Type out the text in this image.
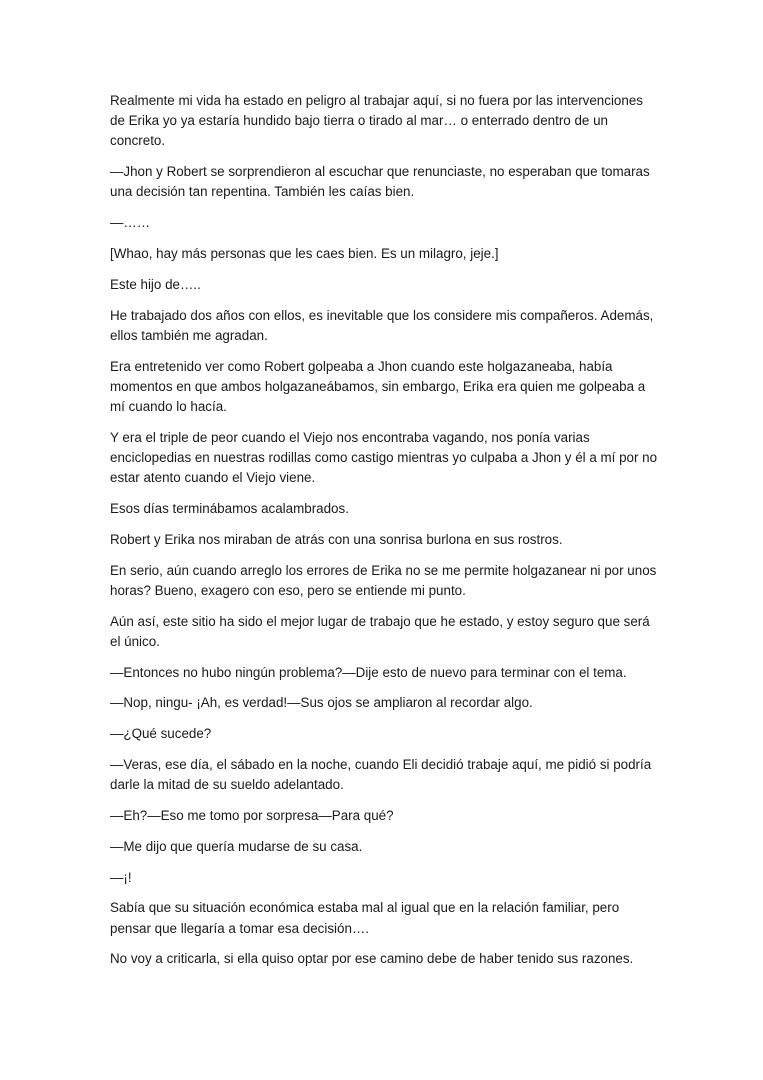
Realmente mi vida ha estado en peligro al trabajar aquí, si no fuera por las intervenciones de Erika yo ya estaría hundido bajo tierra o tirado al mar… o enterrado dentro de un concreto.

—Jhon y Robert se sorprendieron al escuchar que renunciaste, no esperaban que tomaras una decisión tan repentina. También les caías bien.

—……

[Whao, hay más personas que les caes bien. Es un milagro, jeje.]

Este hijo de…..

He trabajado dos años con ellos, es inevitable que los considere mis compañeros. Además, ellos también me agradan.

Era entretenido ver como Robert golpeaba a Jhon cuando este holgazaneaba, había momentos en que ambos holgazaneábamos, sin embargo, Erika era quien me golpeaba a mí cuando lo hacía.

Y era el triple de peor cuando el Viejo nos encontraba vagando, nos ponía varias enciclopedias en nuestras rodillas como castigo mientras yo culpaba a Jhon y él a mí por no estar atento cuando el Viejo viene.

Esos días terminábamos acalambrados.

Robert y Erika nos miraban de atrás con una sonrisa burlona en sus rostros.

En serio, aún cuando arreglo los errores de Erika no se me permite holgazanear ni por unos horas? Bueno, exagero con eso, pero se entiende mi punto.

Aún así, este sitio ha sido el mejor lugar de trabajo que he estado, y estoy seguro que será el único.

—Entonces no hubo ningún problema?—Dije esto de nuevo para terminar con el tema.

—Nop, ningu- ¡Ah, es verdad!—Sus ojos se ampliaron al recordar algo.

—¿Qué sucede?

—Veras, ese día, el sábado en la noche, cuando Eli decidió trabaje aquí, me pidió si podría darle la mitad de su sueldo adelantado.

—Eh?—Eso me tomo por sorpresa—Para qué?

—Me dijo que quería mudarse de su casa.

—¡!

Sabía que su situación económica estaba mal al igual que en la relación familiar, pero pensar que llegaría a tomar esa decisión….

No voy a criticarla, si ella quiso optar por ese camino debe de haber tenido sus razones.
